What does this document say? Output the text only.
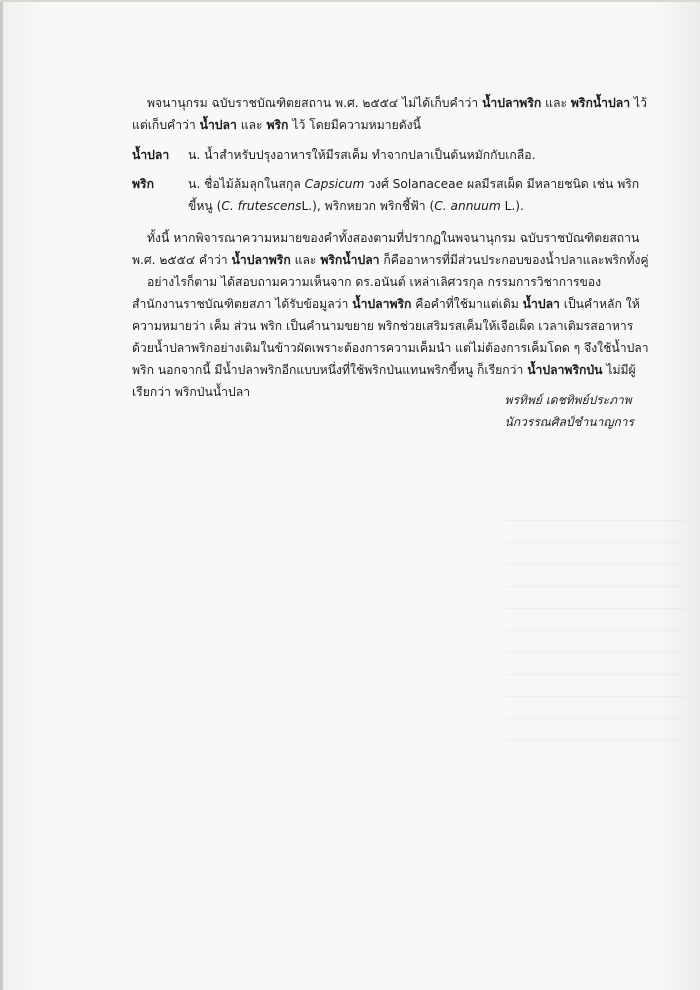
พจนานุกรม ฉบับราชบัณฑิตยสถาน พ.ศ. ๒๕๕๔ ไม่ได้เก็บคำว่า น้ำปลาพริก และ พริกน้ำปลา ไว้ แต่เก็บคำว่า น้ำปลา และ พริก ไว้ โดยมีความหมายดังนี้

น้ำปลา	น. น้ำสำหรับปรุงอาหารให้มีรสเค็ม ทำจากปลาเป็นต้นหมักกับเกลือ.
พริก	น. ชื่อไม้ล้มลุกในสกุล Capsicum วงศ์ Solanaceae ผลมีรสเผ็ด มีหลายชนิด เช่น พริกขี้หนู (C. frutescensL.), พริกหยวก พริกชี้ฟ้า (C. annuum L.).

ทั้งนี้ หากพิจารณาความหมายของคำทั้งสองตามที่ปรากฏในพจนานุกรม ฉบับราชบัณฑิตยสถาน พ.ศ. ๒๕๕๔ คำว่า น้ำปลาพริก และ พริกน้ำปลา ก็คืออาหารที่มีส่วนประกอบของน้ำปลาและพริกทั้งคู่

อย่างไรก็ตาม ได้สอบถามความเห็นจาก ดร.อนันต์ เหล่าเลิศวรกุล กรรมการวิชาการของสำนักงานราชบัณฑิตยสภา ได้รับข้อมูลว่า น้ำปลาพริก คือคำที่ใช้มาแต่เดิม น้ำปลา เป็นคำหลัก ให้ความหมายว่า เค็ม ส่วน พริก เป็นคำนามขยาย พริกช่วยเสริมรสเค็มให้เจือเผ็ด เวลาเติมรสอาหารด้วยน้ำปลาพริกอย่างเติมในข้าวผัดเพราะต้องการความเค็มนำ แต่ไม่ต้องการเค็มโดด ๆ จึงใช้น้ำปลาพริก นอกจากนี้ มีน้ำปลาพริกอีกแบบหนึ่งที่ใช้พริกป่นแทนพริกขี้หนู ก็เรียกว่า น้ำปลาพริกป่น ไม่มีผู้เรียกว่า พริกป่นน้ำปลา

พรทิพย์ เดชทิพย์ประภาพ
นักวรรณศิลป์ชำนาญการ
